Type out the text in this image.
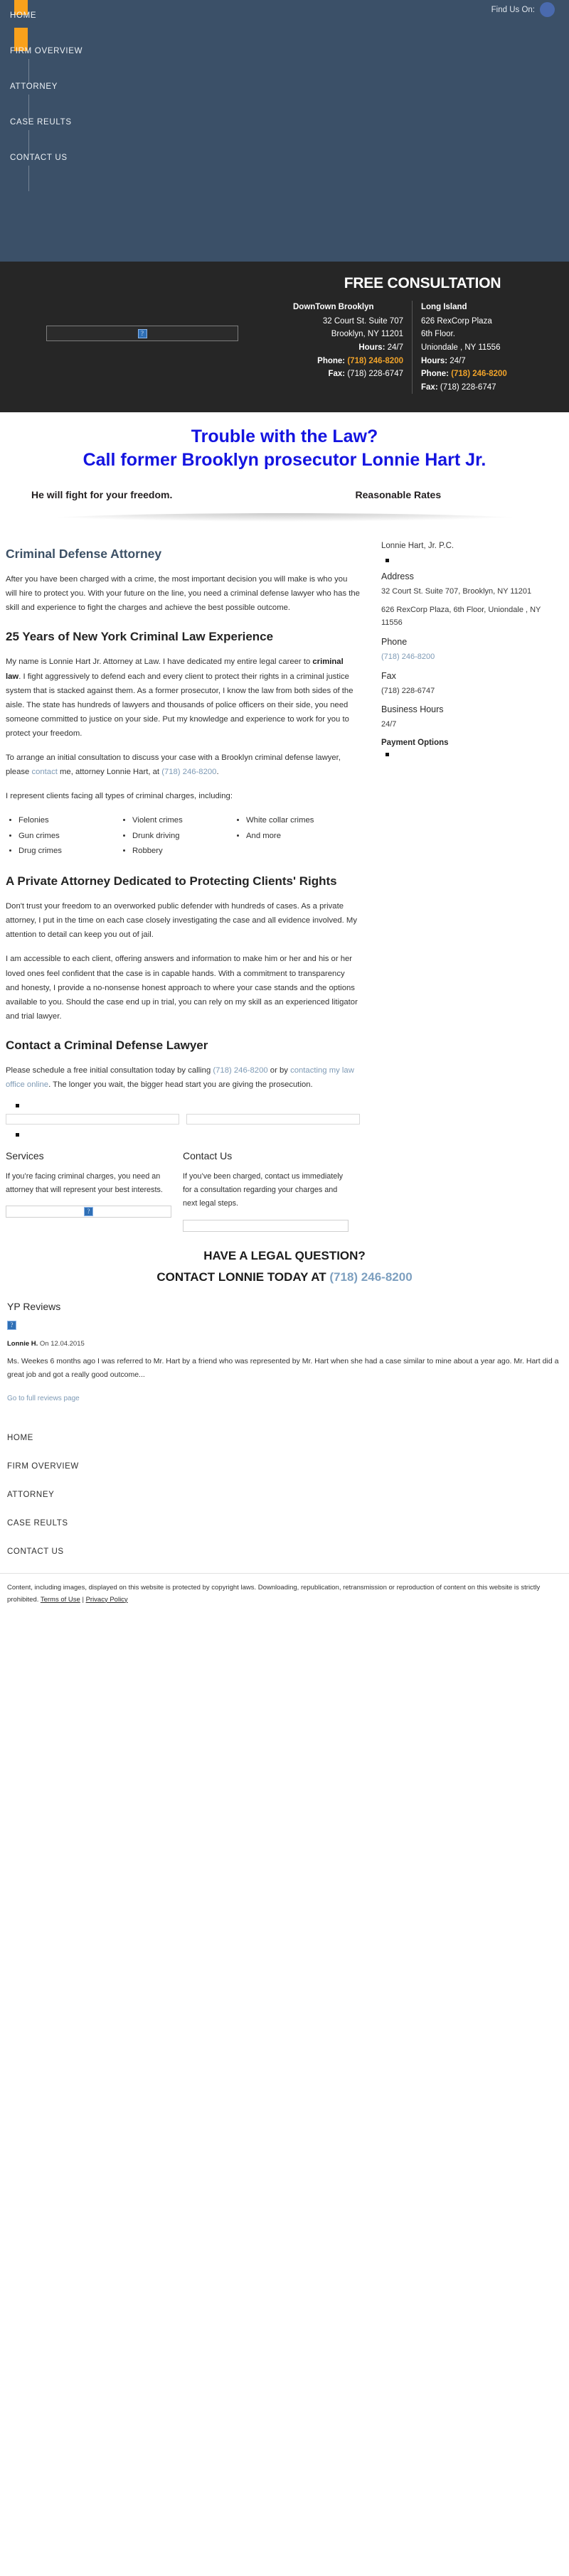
Find Us On:
HOME
FIRM OVERVIEW
ATTORNEY
CASE REULTS
CONTACT US
?
FREE CONSULTATION
DownTown Brooklyn
32 Court St. Suite 707
Brooklyn, NY 11201
Hours: 24/7
Phone: (718) 246-8200
Fax: (718) 228-6747
Long Island
626 RexCorp Plaza
6th Floor.
Uniondale , NY 11556
Hours: 24/7
Phone: (718) 246-8200
Fax: (718) 228-6747
Trouble with the Law?
Call former Brooklyn prosecutor Lonnie Hart Jr.
He will fight for your freedom.	Reasonable Rates
Criminal Defense Attorney

After you have been charged with a crime, the most important decision you will make is who you will hire to protect you. With your future on the line, you need a criminal defense lawyer who has the skill and experience to fight the charges and achieve the best possible outcome.

25 Years of New York Criminal Law Experience

My name is Lonnie Hart Jr. Attorney at Law. I have dedicated my entire legal career to criminal law. I fight aggressively to defend each and every client to protect their rights in a criminal justice system that is stacked against them. As a former prosecutor, I know the law from both sides of the aisle. The state has hundreds of lawyers and thousands of police officers on their side, you need someone committed to justice on your side. Put my knowledge and experience to work for you to protect your freedom.

To arrange an initial consultation to discuss your case with a Brooklyn criminal defense lawyer, please contact me, attorney Lonnie Hart, at (718) 246-8200.

I represent clients facing all types of criminal charges, including:

• Felonies
• Gun crimes
• Drug crimes
• Violent crimes
• Drunk driving
• Robbery
• White collar crimes
• And more
A Private Attorney Dedicated to Protecting Clients' Rights

Don't trust your freedom to an overworked public defender with hundreds of cases. As a private attorney, I put in the time on each case closely investigating the case and all evidence involved. My attention to detail can keep you out of jail.

I am accessible to each client, offering answers and information to make him or her and his or her loved ones feel confident that the case is in capable hands. With a commitment to transparency and honesty, I provide a no-nonsense honest approach to where your case stands and the options available to you. Should the case end up in trial, you can rely on my skill as an experienced litigator and trial lawyer.

Contact a Criminal Defense Lawyer

Please schedule a free initial consultation today by calling (718) 246-8200 or by contacting my law office online. The longer you wait, the bigger head start you are giving the prosecution.

Services

If you’re facing criminal charges, you need an attorney that will represent your best interests.

?
Contact Us

If you’ve been charged, contact us immediately for a consultation regarding your charges and next legal steps.

Lonnie Hart, Jr. P.C.
Address
32 Court St. Suite 707, Brooklyn, NY 11201
626 RexCorp Plaza, 6th Floor, Uniondale , NY 11556
Phone
(718) 246-8200
Fax
(718) 228-6747
Business Hours
24/7
Payment Options
HAVE A LEGAL QUESTION?
CONTACT LONNIE TODAY AT (718) 246-8200
YP Reviews
?
Lonnie H. On 12.04.2015

Ms. Weekes 6 months ago I was referred to Mr. Hart by a friend who was represented by Mr. Hart when she had a case similar to mine about a year ago. Mr. Hart did a great job and got a really good outcome...

Go to full reviews page
HOME
FIRM OVERVIEW
ATTORNEY
CASE REULTS
CONTACT US
Content, including images, displayed on this website is protected by copyright laws. Downloading, republication, retransmission or reproduction of content on this website is strictly prohibited. Terms of Use | Privacy Policy
